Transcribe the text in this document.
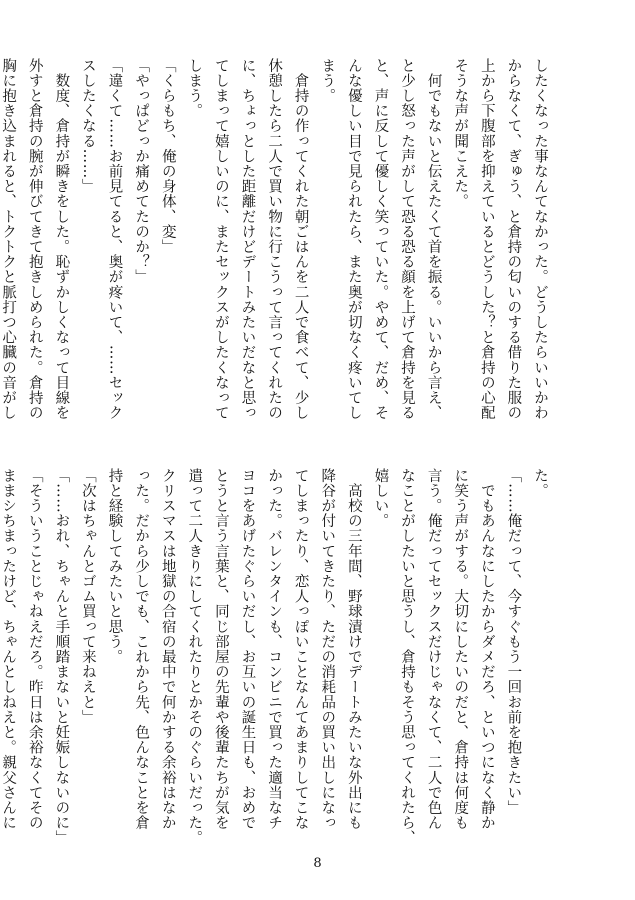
したくなった事なんてなかった。どうしたらいいかわ
からなくて、ぎゅう、と倉持の匂いのする借りた服の
上から下腹部を抑えているとどうした？と倉持の心配
そうな声が聞こえた。
　何でもないと伝えたくて首を振る。いいから言え、
と少し怒った声がして恐る恐る顔を上げて倉持を見る
と、声に反して優しく笑っていた。やめて、だめ、そ
んな優しい目で見られたら、また奥が切なく疼いてし
まう。
　倉持の作ってくれた朝ごはんを二人で食べて、少し
休憩したら二人で買い物に行こうって言ってくれたの
に、ちょっとした距離だけどデートみたいだなと思っ
てしまって嬉しいのに、またセックスがしたくなって
しまう。
「くらもち、俺の身体、変」
「やっぱどっか痛めてたのか？」
「違くて……お前見てると、奥が疼いて、……セック
スしたくなる……」
　数度、倉持が瞬きをした。恥ずかしくなって目線を
外すと倉持の腕が伸びてきて抱きしめられた。倉持の
胸に抱き込まれると、トクトクと脈打つ心臓の音がし
た。
「……俺だって、今すぐもう一回お前を抱きたい」
　でもあんなにしたからダメだろ、といつになく静か
に笑う声がする。大切にしたいのだと、倉持は何度も
言う。俺だってセックスだけじゃなくて、二人で色ん
なことがしたいと思うし、倉持もそう思ってくれたら、
嬉しい。
　高校の三年間、野球漬けでデートみたいな外出にも
降谷が付いてきたり、ただの消耗品の買い出しになっ
てしまったり、恋人っぽいことなんてあまりしてこな
かった。バレンタインも、コンビニで買った適当なチ
ヨコをあげたぐらいだし、お互いの誕生日も、おめで
とうと言う言葉と、同じ部屋の先輩や後輩たちが気を
遣って二人きりにしてくれたりとかそのぐらいだった。
クリスマスは地獄の合宿の最中で何かする余裕はなか
った。だから少しでも、これから先、色んなことを倉
持と経験してみたいと思う。
「次はちゃんとゴム買って来ねえと」
「……おれ、ちゃんと手順踏まないと妊娠しないのに」
「そういうことじゃねえだろ。昨日は余裕なくてその
ままシちまったけど、ちゃんとしねえと。親父さんに
8
